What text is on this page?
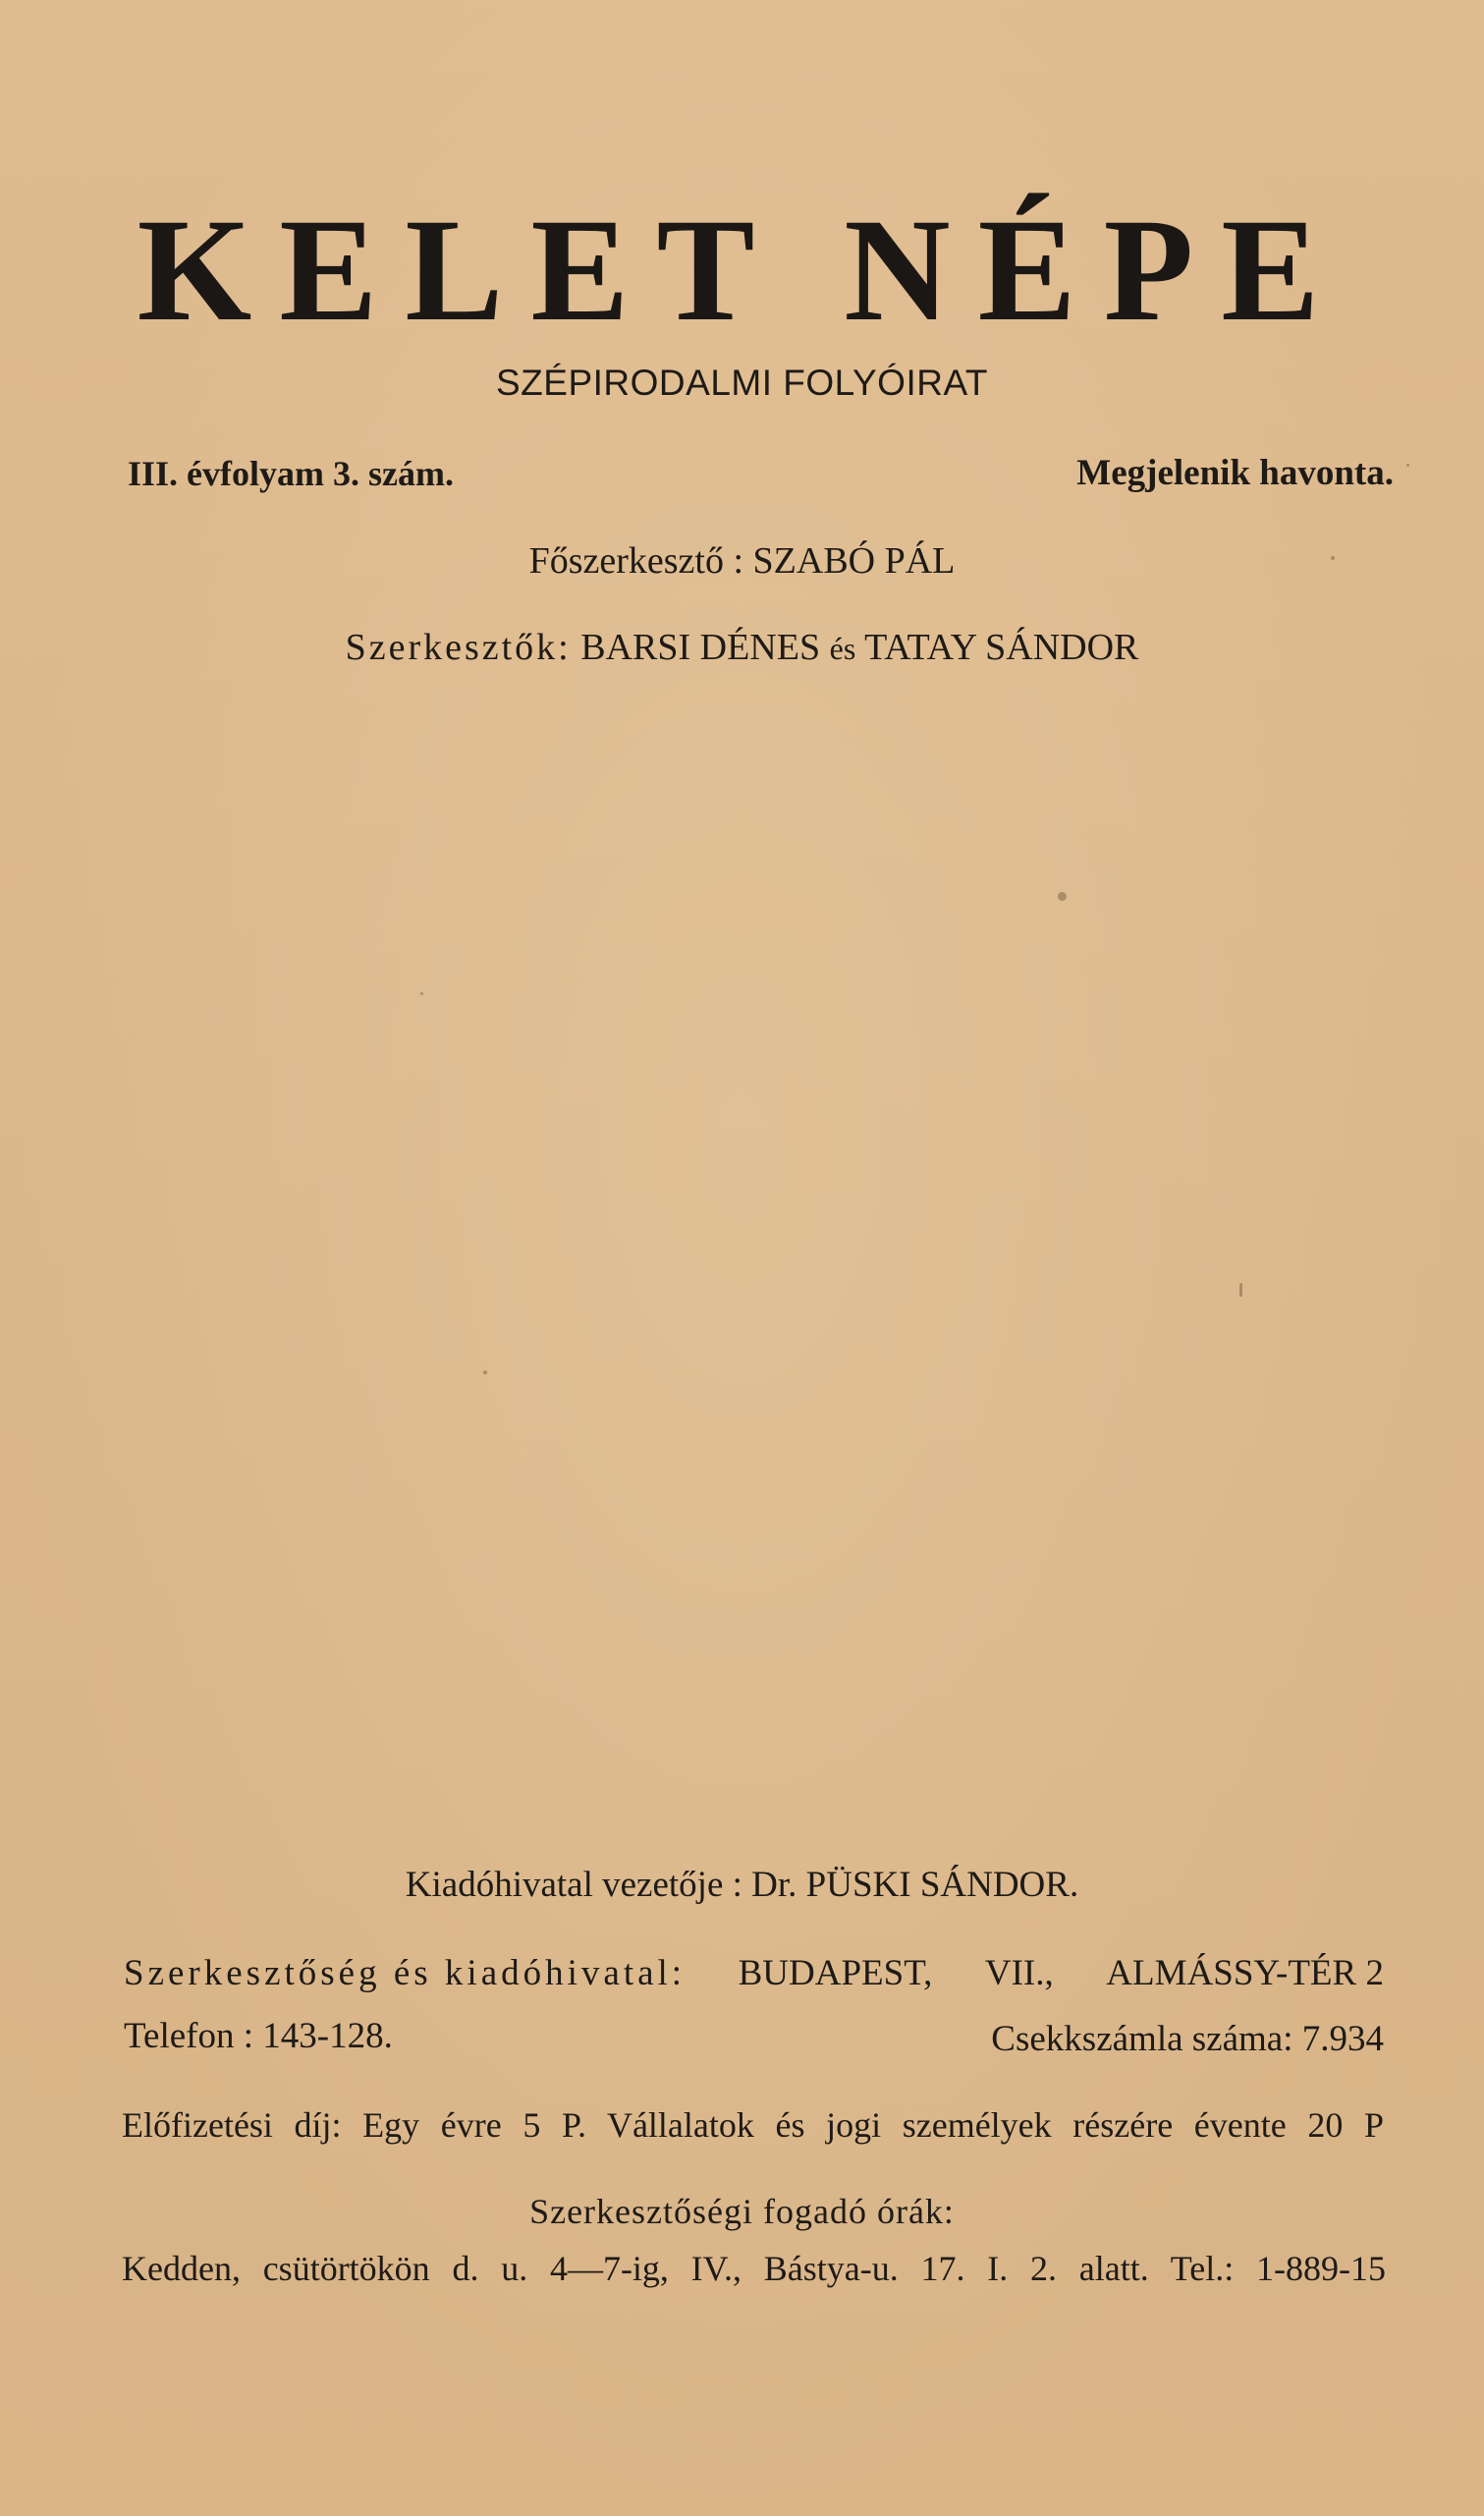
KELET NÉPE
SZÉPIRODALMI FOLYÓIRAT
III. évfolyam 3. szám.	Megjelenik havonta.
Főszerkesztő : SZABÓ PÁL
Szerkesztők: BARSI DÉNES és TATAY SÁNDOR
Kiadóhivatal vezetője : Dr. PÜSKI SÁNDOR.
Szerkesztőség és kiadóhivatal: BUDAPEST, VII., ALMÁSSY-TÉR 2
Telefon : 143-128.	Csekkszámla száma: 7.934
Előfizetési díj: Egy évre 5 P. Vállalatok és jogi személyek részére évente 20 P
Szerkesztőségi fogadó órák:
Kedden, csütörtökön d. u. 4—7-ig, IV., Bástya-u. 17. I. 2. alatt. Tel.: 1-889-15
